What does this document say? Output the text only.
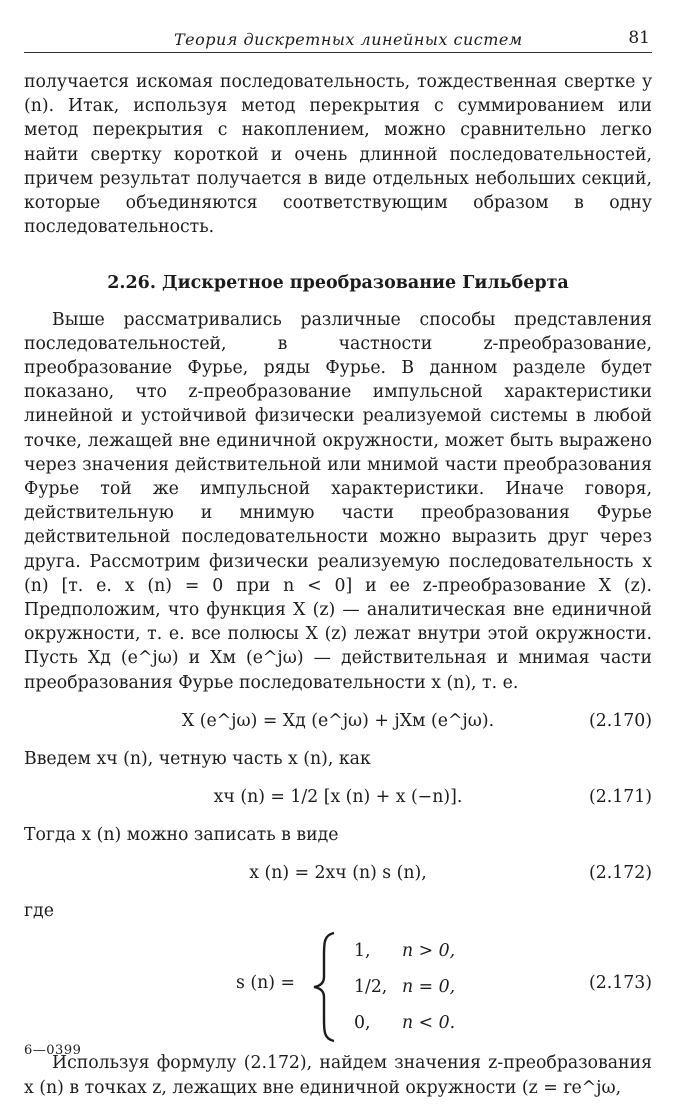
Теория дискретных линейных систем	81

получается искомая последовательность, тождественная свертке y (n). Итак, используя метод перекрытия с суммированием или метод перекрытия с накоплением, можно сравнительно легко найти свертку короткой и очень длинной последовательностей, причем результат получается в виде отдельных небольших секций, которые объединяются соответствующим образом в одну последовательность.

2.26. Дискретное преобразование Гильберта

Выше рассматривались различные способы представления последовательностей, в частности z-преобразование, преобразование Фурье, ряды Фурье. В данном разделе будет показано, что z-преобразование импульсной характеристики линейной и устойчивой физически реализуемой системы в любой точке, лежащей вне единичной окружности, может быть выражено через значения действительной или мнимой части преобразования Фурье той же импульсной характеристики. Иначе говоря, действительную и мнимую части преобразования Фурье действительной последовательности можно выразить друг через друга. Рассмотрим физически реализуемую последовательность x (n) [т. е. x (n) = 0 при n < 0] и ее z-преобразование X (z). Предположим, что функция X (z) — аналитическая вне единичной окружности, т. е. все полюсы X (z) лежат внутри этой окружности. Пусть Xд (e^jω) и Xм (e^jω) — действительная и мнимая части преобразования Фурье последовательности x (n), т. е.

X (e^jω) = Xд (e^jω) + jXм (e^jω).	(2.170)

Введем xч (n), четную часть x (n), как

xч (n) = 1/2 [x (n) + x (−n)].	(2.171)

Тогда x (n) можно записать в виде

x (n) = 2xч (n) s (n),	(2.172)

где

s (n) =
1,	n > 0,
1/2, n = 0,
0,	n < 0.
(2.173)

Используя формулу (2.172), найдем значения z-преобразования x (n) в точках z, лежащих вне единичной окружности (z = re^jω,

6—0399
